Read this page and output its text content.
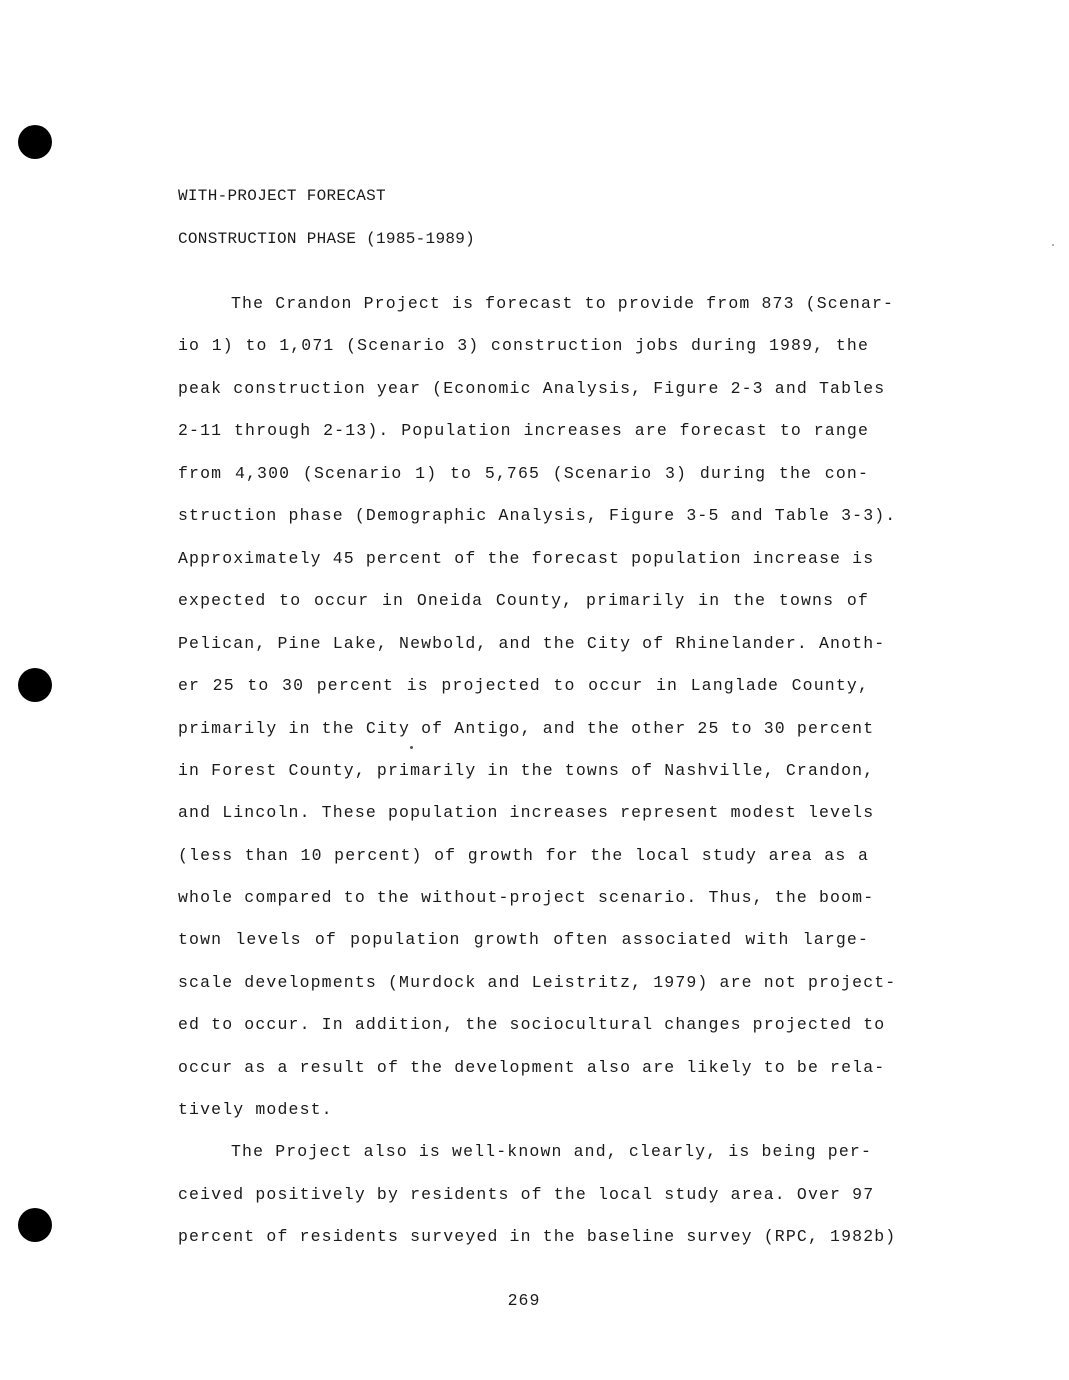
WITH-PROJECT FORECAST
CONSTRUCTION PHASE (1985-1989)
The Crandon Project is forecast to provide from 873 (Scenar-
io 1) to 1,071 (Scenario 3) construction jobs during 1989, the
peak construction year (Economic Analysis, Figure 2-3 and Tables
2-11 through 2-13). Population increases are forecast to range
from 4,300 (Scenario 1) to 5,765 (Scenario 3) during the con-
struction phase (Demographic Analysis, Figure 3-5 and Table 3-3).
Approximately 45 percent of the forecast population increase is
expected to occur in Oneida County, primarily in the towns of
Pelican, Pine Lake, Newbold, and the City of Rhinelander. Anoth-
er 25 to 30 percent is projected to occur in Langlade County,
primarily in the City of Antigo, and the other 25 to 30 percent
in Forest County, primarily in the towns of Nashville, Crandon,
and Lincoln. These population increases represent modest levels
(less than 10 percent) of growth for the local study area as a
whole compared to the without-project scenario. Thus, the boom-
town levels of population growth often associated with large-
scale developments (Murdock and Leistritz, 1979) are not project-
ed to occur. In addition, the sociocultural changes projected to
occur as a result of the development also are likely to be rela-
tively modest.
The Project also is well-known and, clearly, is being per-
ceived positively by residents of the local study area. Over 97
percent of residents surveyed in the baseline survey (RPC, 1982b)
269
